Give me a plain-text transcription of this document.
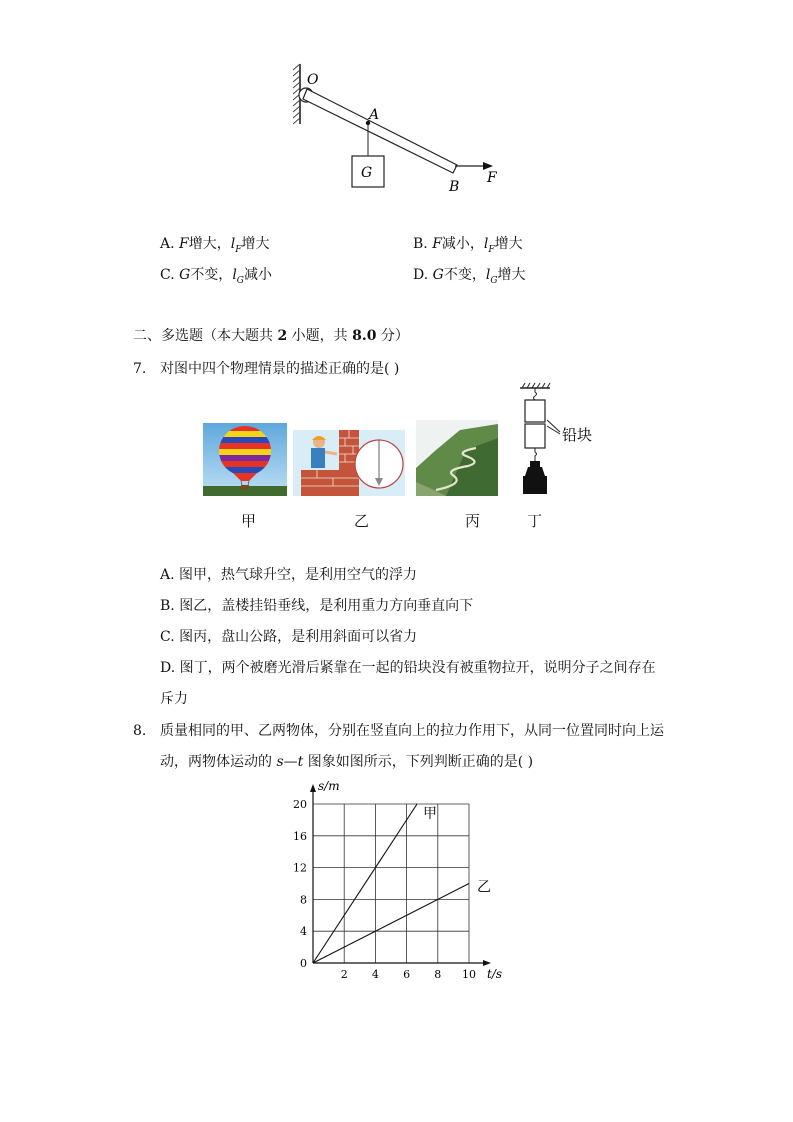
O
A
G
B
F
A. F增大，$l_F$增大	B. F减小，$l_F$增大
C. G不变，$l_G$减小	D. G不变，$l_G$增大
二、多选题（本大题共 2 小题，共 8.0 分）
7. 对图中四个物理情景的描述正确的是( )
铅块
甲	乙	丙	丁
A. 图甲，热气球升空，是利用空气的浮力
B. 图乙，盖楼挂铅垂线，是利用重力方向垂直向下
C. 图丙，盘山公路，是利用斜面可以省力
D. 图丁，两个被磨光滑后紧靠在一起的铅块没有被重物拉开，说明分子之间存在
斥力
8. 质量相同的甲、乙两物体，分别在竖直向上的拉力作用下，从同一位置同时向上运
动，两物体运动的 s—t 图象如图所示，下列判断正确的是( )
0
4
8
12
16
20
2 4 6 8 10
s/m
t/s
甲
乙
